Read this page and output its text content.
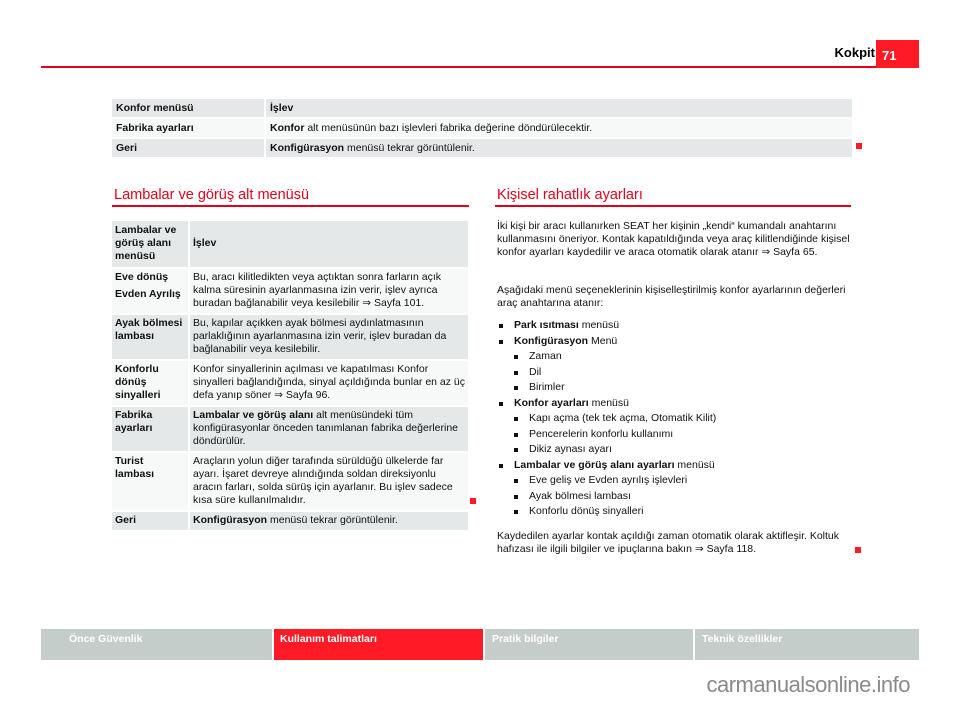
Kokpit 71
Konfor menüsü	İşlev
Fabrika ayarları	Konfor alt menüsünün bazı işlevleri fabrika değerine döndürülecektir.
Geri	Konfigürasyon menüsü tekrar görüntülenir.
Lambalar ve görüş alt menüsü
Lambalar ve görüş alanı menüsü	İşlev
Eve dönüş
Evden Ayrılış	Bu, aracı kilitledikten veya açtıktan sonra farların açık kalma süresinin ayarlanmasına izin verir, işlev ayrıca buradan bağlanabilir veya kesilebilir ⇒ Sayfa 101.
Ayak bölmesi lambası	Bu, kapılar açıkken ayak bölmesi aydınlatmasının parlaklığının ayarlanmasına izin verir, işlev buradan da bağlanabilir veya kesilebilir.
Konforlu dönüş sinyalleri	Konfor sinyallerinin açılması ve kapatılması Konfor sinyalleri bağlandığında, sinyal açıldığında bunlar en az üç defa yanıp söner ⇒ Sayfa 96.
Fabrika ayarları	Lambalar ve görüş alanı alt menüsündeki tüm konfigürasyonlar önceden tanımlanan fabrika değerlerine döndürülür.
Turist lambası	Araçların yolun diğer tarafında sürüldüğü ülkelerde far ayarı. İşaret devreye alındığında soldan direksiyonlu aracın farları, solda sürüş için ayarlanır. Bu işlev sadece kısa süre kullanılmalıdır.
Geri	Konfigürasyon menüsü tekrar görüntülenir.
Kişisel rahatlık ayarları
İki kişi bir aracı kullanırken SEAT her kişinin „kendi“ kumandalı anahtarını kullanmasını öneriyor. Kontak kapatıldığında veya araç kilitlendiğinde kişisel konfor ayarları kaydedilir ve araca otomatik olarak atanır ⇒ Sayfa 65.
Aşağıdaki menü seçeneklerinin kişiselleştirilmiş konfor ayarlarının değerleri araç anahtarına atanır:
Park ısıtması menüsü
Konfigürasyon Menü
Zaman
Dil
Birimler
Konfor ayarları menüsü
Kapı açma (tek tek açma, Otomatik Kilit)
Pencerelerin konforlu kullanımı
Dikiz aynası ayarı
Lambalar ve görüş alanı ayarları menüsü
Eve geliş ve Evden ayrılış işlevleri
Ayak bölmesi lambası
Konforlu dönüş sinyalleri
Kaydedilen ayarlar kontak açıldığı zaman otomatik olarak aktifleşir. Koltuk hafızası ile ilgili bilgiler ve ipuçlarına bakın ⇒ Sayfa 118.
Önce Güvenlik	Kullanım talimatları	Pratik bilgiler	Teknik özellikler
carmanualsonline.info
